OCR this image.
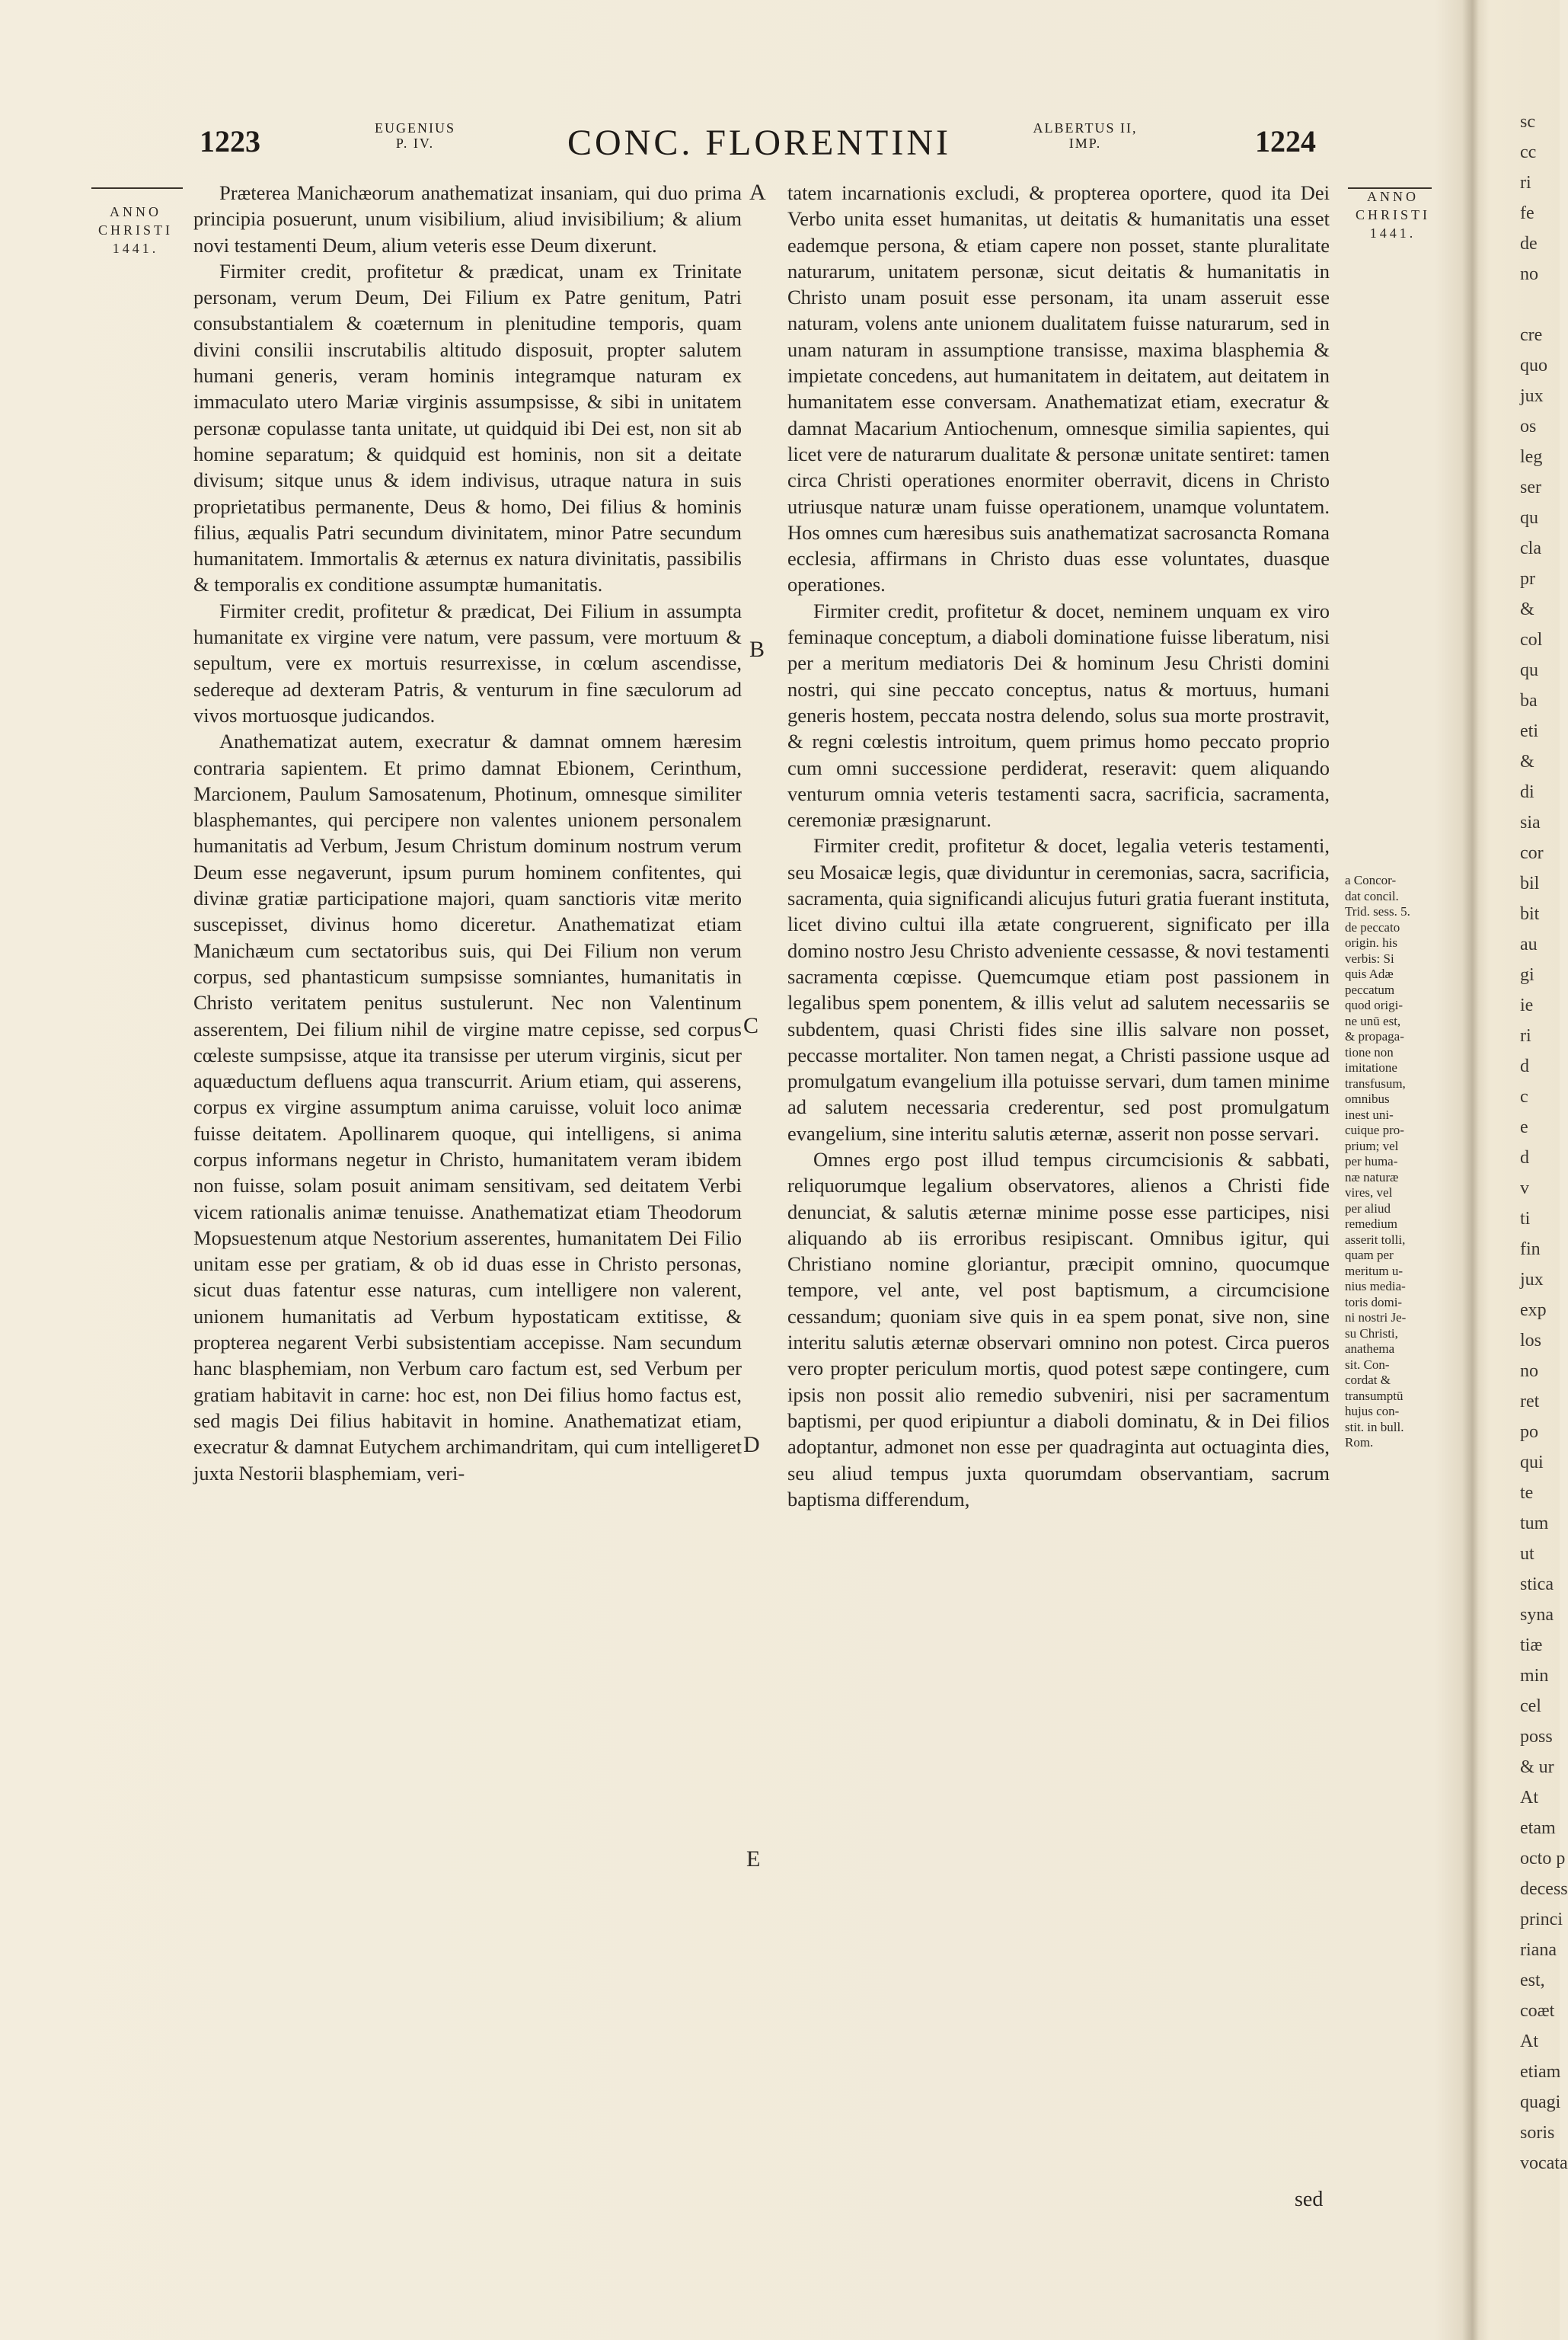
1223	EUGENIUS
P. IV.	CONC. FLORENTINI	ALBERTUS II,
IMP.	1224
ANNO
CHRISTI
1441.
ANNO
CHRISTI
1441.
A
B
C
D
E

Præterea Manichæorum anathematizat insaniam, qui duo prima principia posuerunt, unum visibilium, aliud invisibilium; & alium novi testamenti Deum, alium veteris esse Deum dixerunt.

Firmiter credit, profitetur & prædicat, unam ex Trinitate personam, verum Deum, Dei Filium ex Patre genitum, Patri consubstantialem & coæternum in plenitudine temporis, quam divini consilii inscrutabilis altitudo disposuit, propter salutem humani generis, veram hominis integramque naturam ex immaculato utero Mariæ virginis assumpsisse, & sibi in unitatem personæ copulasse tanta unitate, ut quidquid ibi Dei est, non sit ab homine separatum; & quidquid est hominis, non sit a deitate divisum; sitque unus & idem indivisus, utraque natura in suis proprietatibus permanente, Deus & homo, Dei filius & hominis filius, æqualis Patri secundum divinitatem, minor Patre secundum humanitatem. Immortalis & æternus ex natura divinitatis, passibilis & temporalis ex conditione assumptæ humanitatis.

Firmiter credit, profitetur & prædicat, Dei Filium in assumpta humanitate ex virgine vere natum, vere passum, vere mortuum & sepultum, vere ex mortuis resurrexisse, in cœlum ascendisse, sedereque ad dexteram Patris, & venturum in fine sæculorum ad vivos mortuosque judicandos.

Anathematizat autem, execratur & damnat omnem hæresim contraria sapientem. Et primo damnat Ebionem, Cerinthum, Marcionem, Paulum Samosatenum, Photinum, omnesque similiter blasphemantes, qui percipere non valentes unionem personalem humanitatis ad Verbum, Jesum Christum dominum nostrum verum Deum esse negaverunt, ipsum purum hominem confitentes, qui divinæ gratiæ participatione majori, quam sanctioris vitæ merito suscepisset, divinus homo diceretur. Anathematizat etiam Manichæum cum sectatoribus suis, qui Dei Filium non verum corpus, sed phantasticum sumpsisse somniantes, humanitatis in Christo veritatem penitus sustulerunt. Nec non Valentinum asserentem, Dei filium nihil de virgine matre cepisse, sed corpus cœleste sumpsisse, atque ita transisse per uterum virginis, sicut per aquæductum defluens aqua transcurrit. Arium etiam, qui asserens, corpus ex virgine assumptum anima caruisse, voluit loco animæ fuisse deitatem. Apollinarem quoque, qui intelligens, si anima corpus informans negetur in Christo, humanitatem veram ibidem non fuisse, solam posuit animam sensitivam, sed deitatem Verbi vicem rationalis animæ tenuisse. Anathematizat etiam Theodorum Mopsuestenum atque Nestorium asserentes, humanitatem Dei Filio unitam esse per gratiam, & ob id duas esse in Christo personas, sicut duas fatentur esse naturas, cum intelligere non valerent, unionem humanitatis ad Verbum hypostaticam extitisse, & propterea negarent Verbi subsistentiam accepisse. Nam secundum hanc blasphemiam, non Verbum caro factum est, sed Verbum per gratiam habitavit in carne: hoc est, non Dei filius homo factus est, sed magis Dei filius habitavit in homine. Anathematizat etiam, execratur & damnat Eutychem archimandritam, qui cum intelligeret juxta Nestorii blasphemiam, veri-

tatem incarnationis excludi, & propterea oportere, quod ita Dei Verbo unita esset humanitas, ut deitatis & humanitatis una esset eademque persona, & etiam capere non posset, stante pluralitate naturarum, unitatem personæ, sicut deitatis & humanitatis in Christo unam posuit esse personam, ita unam asseruit esse naturam, volens ante unionem dualitatem fuisse naturarum, sed in unam naturam in assumptione transisse, maxima blasphemia & impietate concedens, aut humanitatem in deitatem, aut deitatem in humanitatem esse conversam. Anathematizat etiam, execratur & damnat Macarium Antiochenum, omnesque similia sapientes, qui licet vere de naturarum dualitate & personæ unitate sentiret: tamen circa Christi operationes enormiter oberravit, dicens in Christo utriusque naturæ unam fuisse operationem, unamque voluntatem. Hos omnes cum hæresibus suis anathematizat sacrosancta Romana ecclesia, affirmans in Christo duas esse voluntates, duasque operationes.

Firmiter credit, profitetur & docet, neminem unquam ex viro feminaque conceptum, a diaboli dominatione fuisse liberatum, nisi per a meritum mediatoris Dei & hominum Jesu Christi domini nostri, qui sine peccato conceptus, natus & mortuus, humani generis hostem, peccata nostra delendo, solus sua morte prostravit, & regni cœlestis introitum, quem primus homo peccato proprio cum omni successione perdiderat, reseravit: quem aliquando venturum omnia veteris testamenti sacra, sacrificia, sacramenta, ceremoniæ præsignarunt.

Firmiter credit, profitetur & docet, legalia veteris testamenti, seu Mosaicæ legis, quæ dividuntur in ceremonias, sacra, sacrificia, sacramenta, quia significandi alicujus futuri gratia fuerant instituta, licet divino cultui illa ætate congruerent, significato per illa domino nostro Jesu Christo adveniente cessasse, & novi testamenti sacramenta cœpisse. Quemcumque etiam post passionem in legalibus spem ponentem, & illis velut ad salutem necessariis se subdentem, quasi Christi fides sine illis salvare non posset, peccasse mortaliter. Non tamen negat, a Christi passione usque ad promulgatum evangelium illa potuisse servari, dum tamen minime ad salutem necessaria crederentur, sed post promulgatum evangelium, sine interitu salutis æternæ, asserit non posse servari.

Omnes ergo post illud tempus circumcisionis & sabbati, reliquorumque legalium observatores, alienos a Christi fide denunciat, & salutis æternæ minime posse esse participes, nisi aliquando ab iis erroribus resipiscant. Omnibus igitur, qui Christiano nomine gloriantur, præcipit omnino, quocumque tempore, vel ante, vel post baptismum, a circumcisione cessandum; quoniam sive quis in ea spem ponat, sive non, sine interitu salutis æternæ observari omnino non potest. Circa pueros vero propter periculum mortis, quod potest sæpe contingere, cum ipsis non possit alio remedio subveniri, nisi per sacramentum baptismi, per quod eripiuntur a diaboli dominatu, & in Dei filios adoptantur, admonet non esse per quadraginta aut octuaginta dies, seu aliud tempus juxta quorumdam observantiam, sacrum baptisma differendum,

sed
a Concor-
dat concil.
Trid. sess. 5.
de peccato
origin. his
verbis: Si
quis Adæ
peccatum
quod origi-
ne unū est,
& propaga-
tione non
imitatione
transfusum,
omnibus
inest uni-
cuique pro-
prium; vel
per huma-
næ naturæ
vires, vel
per aliud
remedium
asserit tolli,
quam per
meritum u-
nius media-
toris domi-
ni nostri Je-
su Christi,
anathema
sit. Con-
cordat &
transumptū
hujus con-
stit. in bull.
Rom.
sc
cc
ri
fe
de
no

cre
quo
jux
os
leg
ser
qu
cla
pr
&
col
qu
ba
eti
&
di
sia
cor
bil
bit
au
gi
ie
ri
d
c
e
d
v
ti
fin
jux
exp
los
no
ret
po
qui
te
tum
ut
stica
syna
tiæ
min
cel
poss
& ur
At
etam
octo p
decess
princi
riana
est,
coæt
At
etiam
quagi
soris
vocata
